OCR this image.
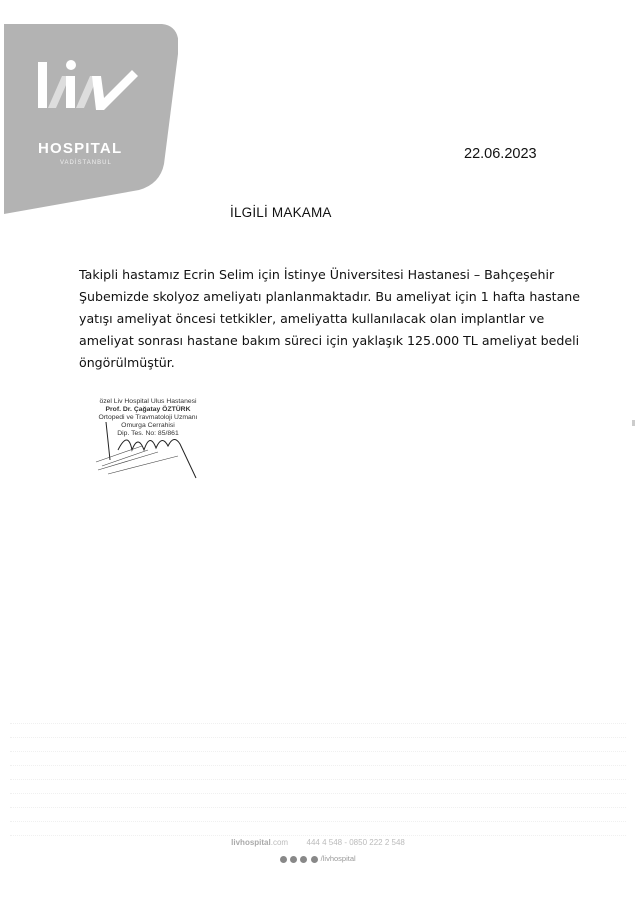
HOSPITAL
VADİSTANBUL
22.06.2023
İLGİLİ MAKAMA
Takipli hastamız Ecrin Selim için İstinye Üniversitesi Hastanesi – Bahçeşehir
Şubemizde skolyoz ameliyatı planlanmaktadır. Bu ameliyat için 1 hafta hastane
yatışı ameliyat öncesi tetkikler, ameliyatta kullanılacak olan implantlar ve
ameliyat sonrası hastane bakım süreci için yaklaşık 125.000 TL ameliyat bedeli
öngörülmüştür.
özel Liv Hospital Ulus Hastanesi
Prof. Dr. Çağatay ÖZTÜRK
Ortopedi ve Travmatoloji Uzmanı
Omurga Cerrahisi
Dip. Tes. No: 85/861
livhospital.com 444 4 548 - 0850 222 2 548
/livhospital
